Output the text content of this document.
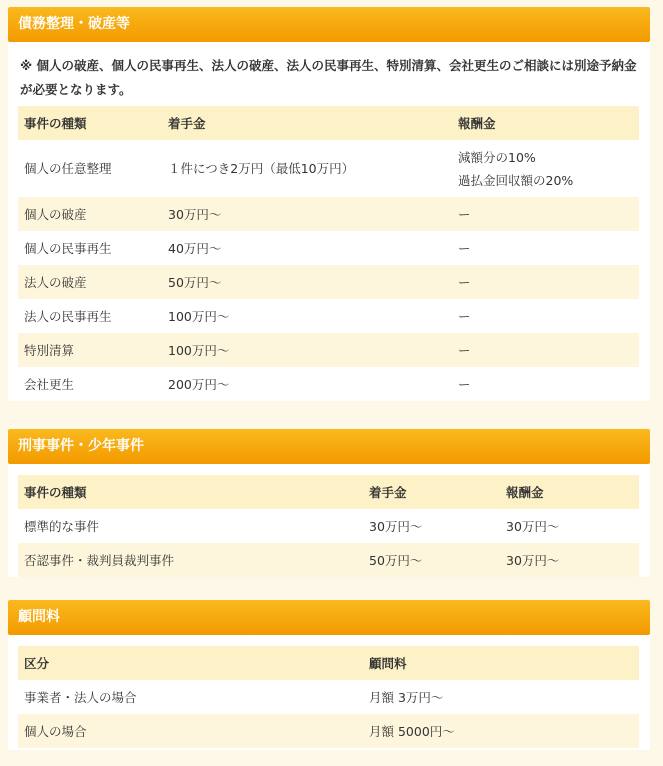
債務整理・破産等
※ 個人の破産、個人の民事再生、法人の破産、法人の民事再生、特別清算、会社更生のご相談には別途予納金が必要となります。
事件の種類	着手金	報酬金
個人の任意整理	１件につき2万円（最低10万円）	減額分の10%
過払金回収額の20%

個人の破産	30万円〜	ー
個人の民事再生	40万円〜	ー
法人の破産	50万円〜	ー
法人の民事再生	100万円〜	ー
特別清算	100万円〜	ー
会社更生	200万円〜	ー
刑事事件・少年事件
事件の種類	着手金	報酬金
標準的な事件	30万円〜	30万円〜
否認事件・裁判員裁判事件	50万円〜	30万円〜
顧問料
区分	顧問料
事業者・法人の場合	月額 3万円〜
個人の場合	月額 5000円〜
